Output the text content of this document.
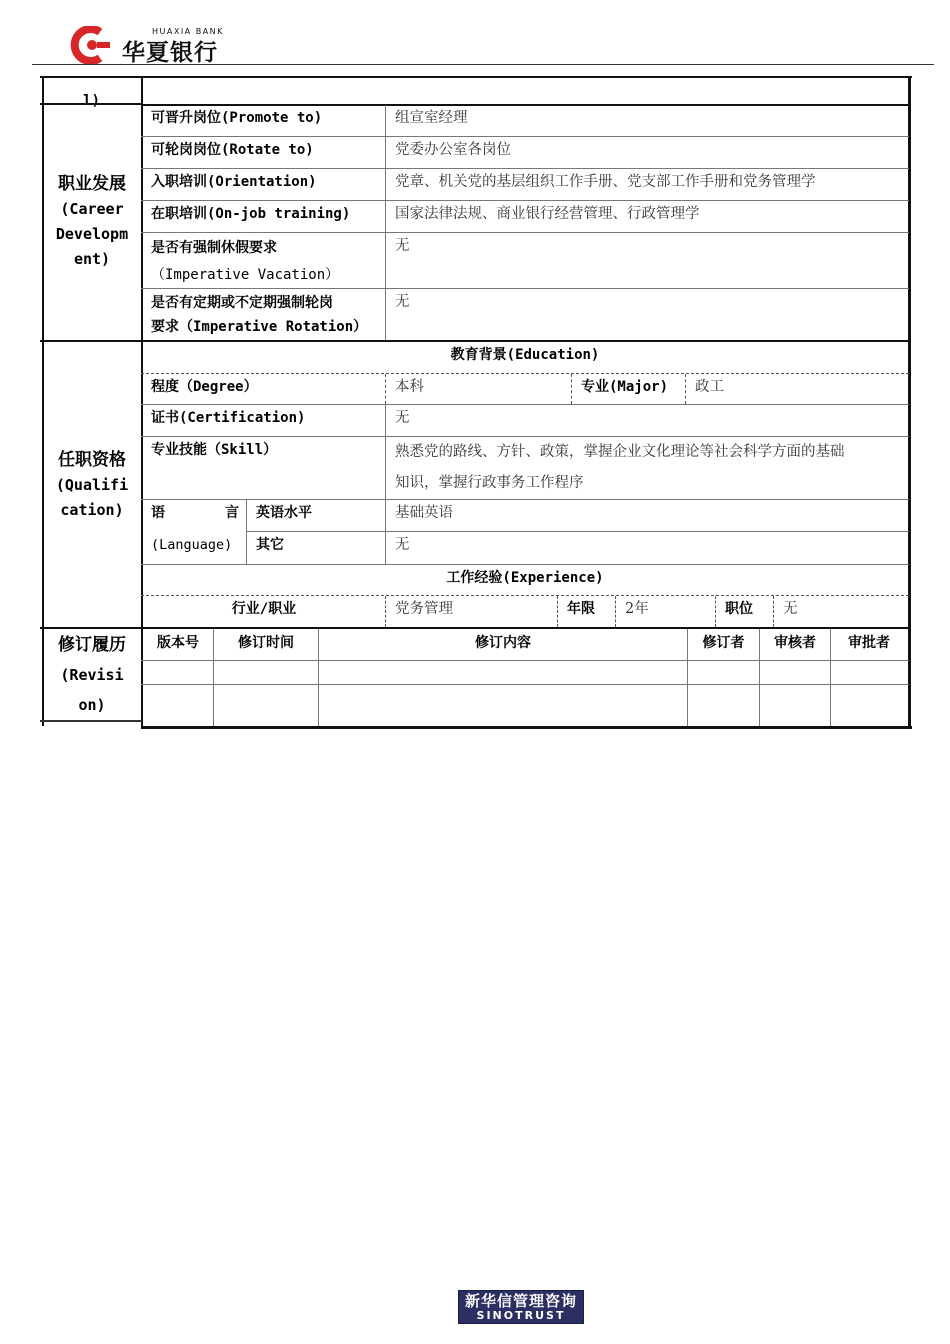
HUAXIA BANK
华夏银行
l)
职业发展
(Career
Developm
ent)
可晋升岗位(Promote to)	组宣室经理
可轮岗岗位(Rotate to)	党委办公室各岗位
入职培训(Orientation)	党章、机关党的基层组织工作手册、党支部工作手册和党务管理学
在职培训(On-job training)	国家法律法规、商业银行经营管理、行政管理学
是否有强制休假要求
（Imperative Vacation）
无
是否有定期或不定期强制轮岗
要求（Imperative Rotation）
无
任职资格
(Qualifi
cation)
教育背景(Education)
程度（Degree）	本科	专业(Major)	政工
证书(Certification)	无
专业技能（Skill）	熟悉党的路线、方针、政策，掌握企业文化理论等社会科学方面的基础
知识，掌握行政事务工作程序
语	言
(Language)
英语水平	基础英语
其它	无
工作经验(Experience)
行业/职业	党务管理	年限	2年	职位	无
修订履历
(Revisi
on)
版本号	修订时间	修订内容	修订者	审核者	审批者
新华信管理咨询
SINOTRUST
